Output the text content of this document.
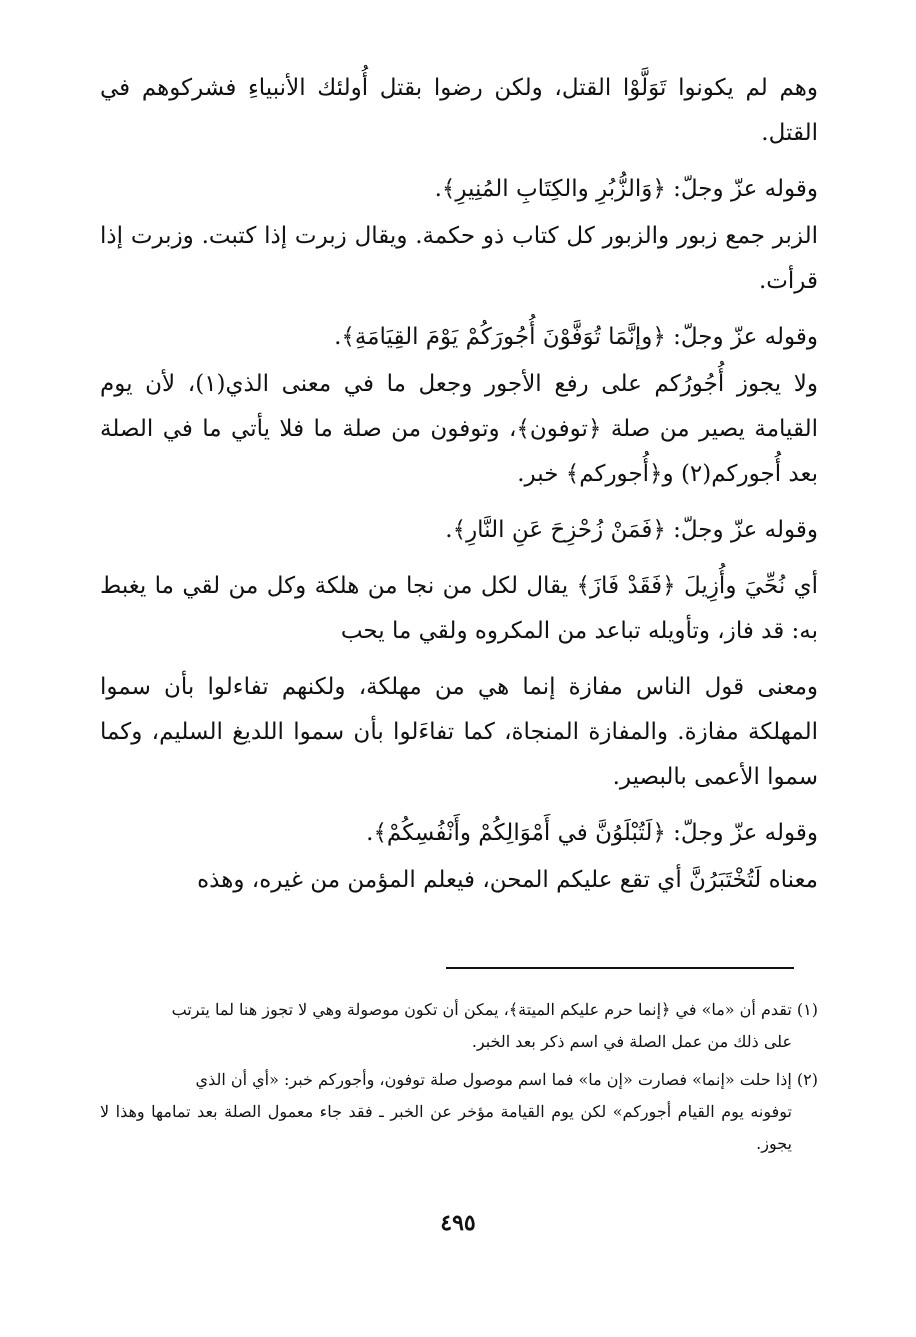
وهم لم يكونوا تَوَلَّوْا القتل، ولكن رضوا بقتل أُولئك الأنبياءِ فشركوهم في القتل.

وقوله عزّ وجلّ: ﴿وَالزُّبُرِ والكِتَابِ المُنِيرِ﴾.

الزبر جمع زبور والزبور كل كتاب ذو حكمة. ويقال زبرت إذا كتبت. وزبرت إذا قرأت.

وقوله عزّ وجلّ: ﴿وإنَّمَا تُوَفَّوْنَ أُجُورَكُمْ يَوْمَ القِيَامَةِ﴾.

ولا يجوز أُجُورُكم على رفع الأجور وجعل ما في معنى الذي(١)، لأن يوم القيامة يصير من صلة ﴿توفون﴾، وتوفون من صلة ما فلا يأتي ما في الصلة بعد أُجوركم(٢) و﴿أُجوركم﴾ خبر.

وقوله عزّ وجلّ: ﴿فَمَنْ زُحْزِحَ عَنِ النَّارِ﴾.

أي نُحِّيَ وأُزِيلَ ﴿فَقَدْ فَازَ﴾ يقال لكل من نجا من هلكة وكل من لقي ما يغبط به: قد فاز، وتأويله تباعد من المكروه ولقي ما يحب

ومعنى قول الناس مفازة إنما هي من مهلكة، ولكنهم تفاءلوا بأن سموا المهلكة مفازة. والمفازة المنجاة، كما تفاءَلوا بأن سموا اللديغ السليم، وكما سموا الأعمى بالبصير.

وقوله عزّ وجلّ: ﴿لَتُبْلَوُنَّ في أَمْوَالِكُمْ وأَنْفُسِكُمْ﴾.

معناه لَتُخْتَبَرُنَّ أي تقع عليكم المحن، فيعلم المؤمن من غيره، وهذه

(١) تقدم أن «ما» في ﴿إنما حرم عليكم الميتة﴾، يمكن أن تكون موصولة وهي لا تجوز هنا لما يترتب
على ذلك من عمل الصلة في اسم ذكر بعد الخبر.
(٢) إذا حلت «إنما» فصارت «إن ما» فما اسم موصول صلة توفون، وأجوركم خبر: «أي أن الذي
توفونه يوم القيام أجوركم» لكن يوم القيامة مؤخر عن الخبر ـ فقد جاء معمول الصلة بعد تمامها وهذا لا يجوز.
٤٩٥
